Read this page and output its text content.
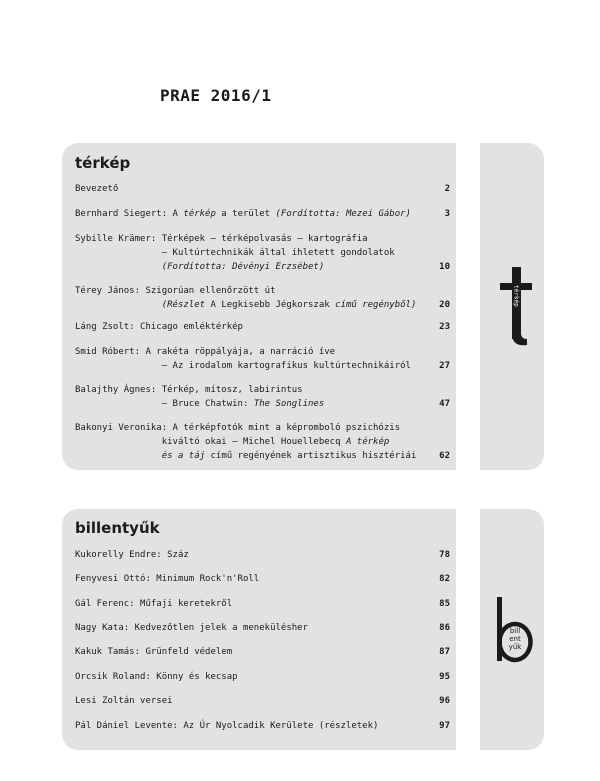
PRAE 2016/1
térkép
Bevezető	2
Bernhard Siegert: A térkép a terület (Fordította: Mezei Gábor)	3
Sybille Krämer: Térképek – térképolvasás – kartográfia
– Kultúrtechnikák által ihletett gondolatok
(Fordította: Dévényi Erzsébet)	10
Térey János: Szigorúan ellenőrzött út
(Részlet A Legkisebb Jégkorszak című regényből)	20
Láng Zsolt: Chicago emléktérkép	23
Smid Róbert: A rakéta röppályája, a narráció íve
– Az irodalom kartografikus kultúrtechnikáiról	27
Balajthy Ágnes: Térkép, mítosz, labirintus
– Bruce Chatwin: The Songlines	47
Bakonyi Veronika: A térképfotók mint a képromboló pszichózis
kiváltó okai – Michel Houellebecq A térkép
és a táj című regényének artisztikus hisztériái	62
térkép
billentyűk
Kukorelly Endre: Száz	78
Fenyvesi Ottó: Minimum Rock'n'Roll	82
Gál Ferenc: Műfaji keretekről	85
Nagy Kata: Kedvezőtlen jelek a menekülésher	86
Kakuk Tamás: Grünfeld védelem	87
Orcsik Roland: Könny és kecsap	95
Lesi Zoltán versei	96
Pál Dániel Levente: Az Úr Nyolcadik Kerülete (részletek)	97
bill
ent
yűk
